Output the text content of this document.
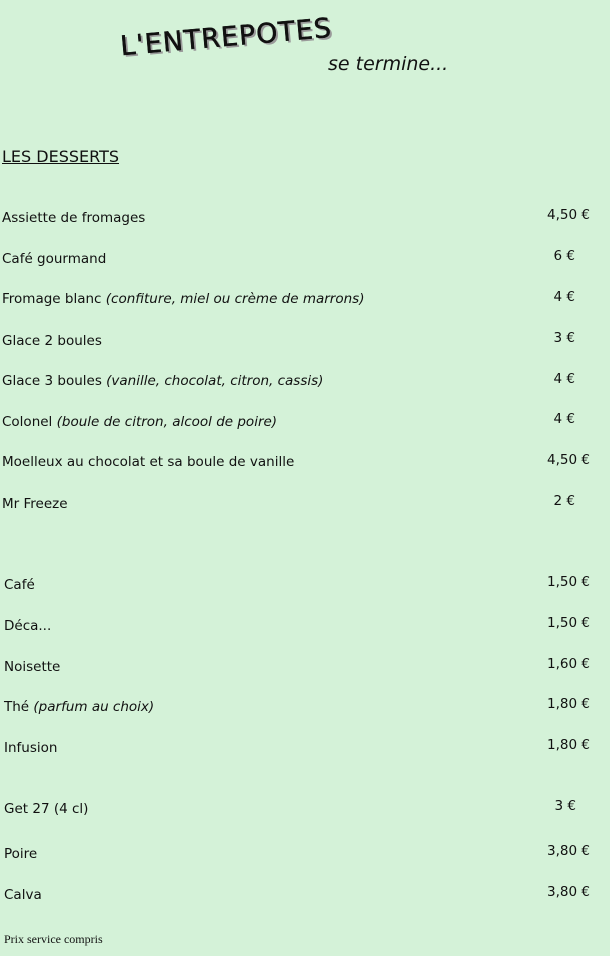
L'ENTREPOTES
se termine...
LES DESSERTS
Assiette de fromages	4,50 €
Café gourmand	6 €
Fromage blanc (confiture, miel ou crème de marrons)	4 €
Glace 2 boules	3 €
Glace 3 boules (vanille, chocolat, citron, cassis)	4 €
Colonel (boule de citron, alcool de poire)	4 €
Moelleux au chocolat et sa boule de vanille	4,50 €
Mr Freeze	2 €
Café	1,50 €
Déca...	1,50 €
Noisette	1,60 €
Thé (parfum au choix)	1,80 €
Infusion	1,80 €
Get 27 (4 cl)	3 €
Poire	3,80 €
Calva	3,80 €
Prix service compris
